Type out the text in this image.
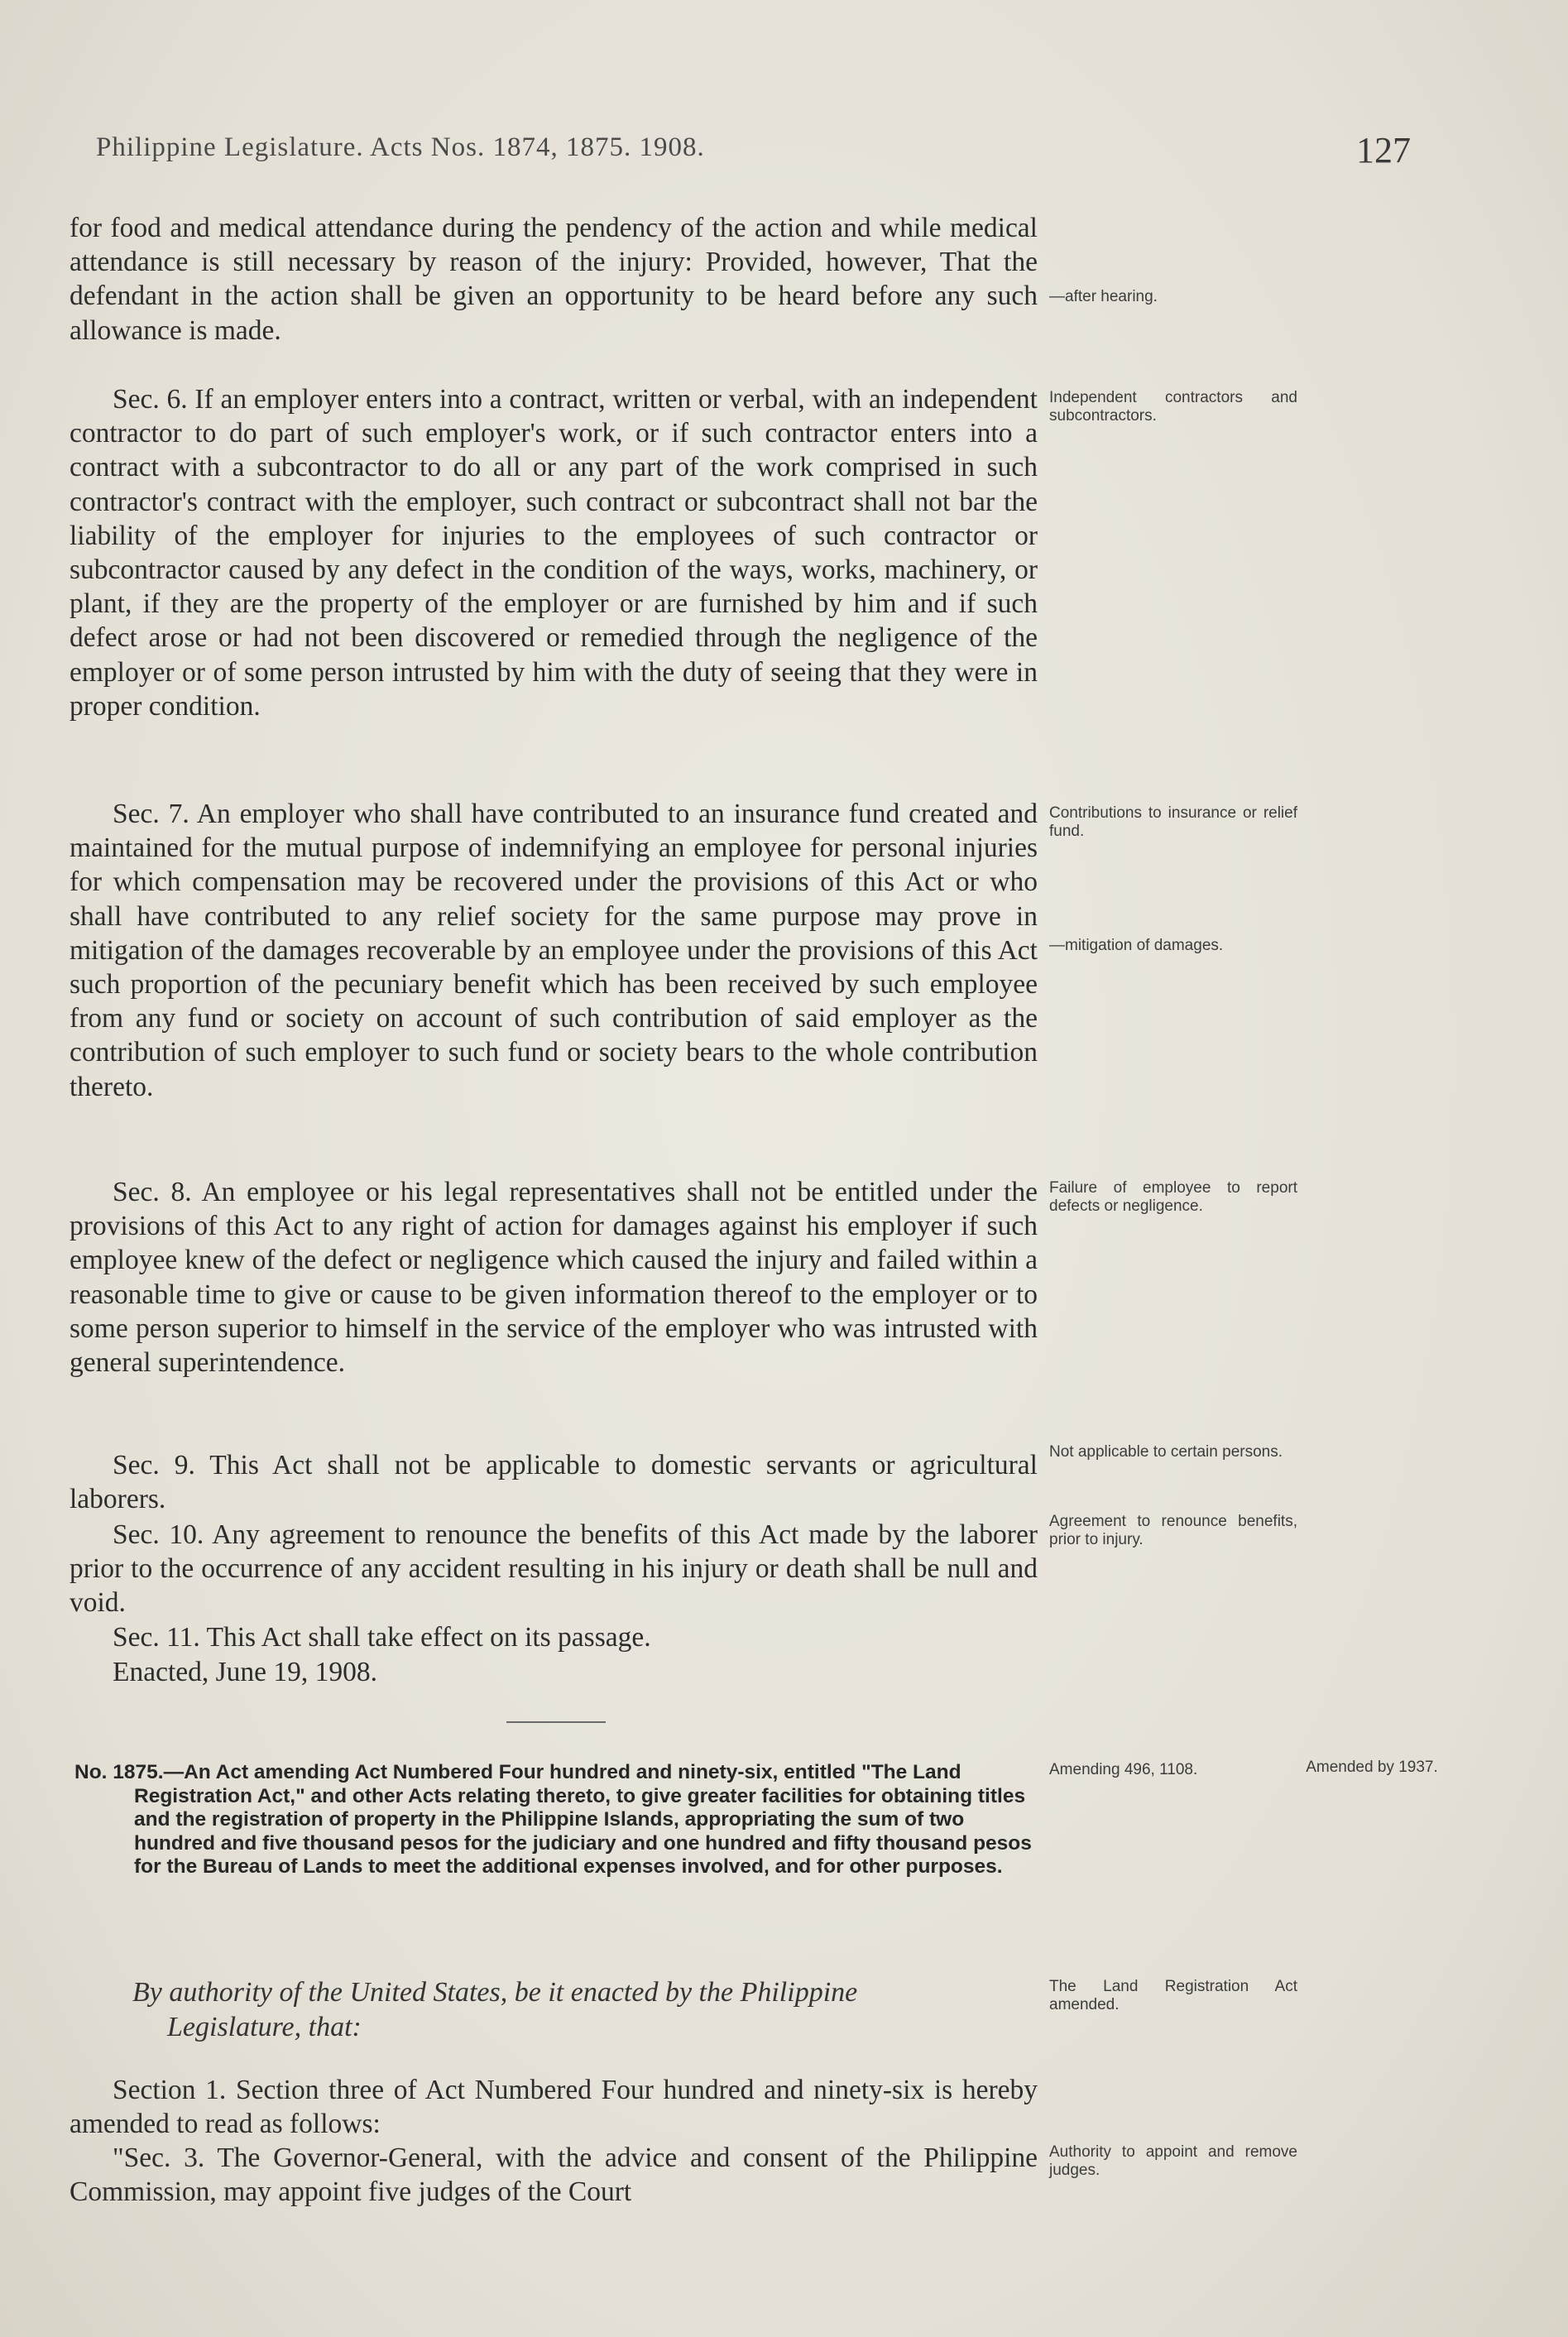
Philippine Legislature. Acts Nos. 1874, 1875. 1908.	127

for food and medical attendance during the pendency of the action and while medical attendance is still necessary by reason of the injury: Provided, however, That the defendant in the action shall be given an opportunity to be heard before any such allowance is made.

Sec. 6. If an employer enters into a contract, written or verbal, with an independent contractor to do part of such employer's work, or if such contractor enters into a contract with a subcontractor to do all or any part of the work comprised in such contractor's contract with the employer, such contract or subcontract shall not bar the liability of the employer for injuries to the employees of such contractor or subcontractor caused by any defect in the condition of the ways, works, machinery, or plant, if they are the property of the employer or are furnished by him and if such defect arose or had not been discovered or remedied through the negligence of the employer or of some person intrusted by him with the duty of seeing that they were in proper condition.

Sec. 7. An employer who shall have contributed to an insurance fund created and maintained for the mutual purpose of indemnifying an employee for personal injuries for which compensation may be recovered under the provisions of this Act or who shall have contributed to any relief society for the same purpose may prove in mitigation of the damages recoverable by an employee under the provisions of this Act such proportion of the pecuniary benefit which has been received by such employee from any fund or society on account of such contribution of said employer as the contribution of such employer to such fund or society bears to the whole contribution thereto.

Sec. 8. An employee or his legal representatives shall not be entitled under the provisions of this Act to any right of action for damages against his employer if such employee knew of the defect or negligence which caused the injury and failed within a reasonable time to give or cause to be given information thereof to the employer or to some person superior to himself in the service of the employer who was intrusted with general superintendence.

Sec. 9. This Act shall not be applicable to domestic servants or agricultural laborers.

Sec. 10. Any agreement to renounce the benefits of this Act made by the laborer prior to the occurrence of any accident resulting in his injury or death shall be null and void.

Sec. 11. This Act shall take effect on its passage.

Enacted, June 19, 1908.

—after hearing.
Independent contractors and subcontractors.
Contributions to insurance or relief fund.
—mitigation of damages.
Failure of employee to report defects or negligence.
Not applicable to certain persons.
Agreement to renounce benefits, prior to injury.
Amending 496, 1108.
The Land Registration Act amended.
Authority to appoint and remove judges.
Amended by 1937.
No. 1875.—An Act amending Act Numbered Four hundred and ninety-six, entitled "The Land Registration Act," and other Acts relating thereto, to give greater facilities for obtaining titles and the registration of property in the Philippine Islands, appropriating the sum of two hundred and five thousand pesos for the judiciary and one hundred and fifty thousand pesos for the Bureau of Lands to meet the additional expenses involved, and for other purposes.
By authority of the United States, be it enacted by the Philippine
Legislature, that:

Section 1. Section three of Act Numbered Four hundred and ninety-six is hereby amended to read as follows:

"Sec. 3. The Governor-General, with the advice and consent of the Philippine Commission, may appoint five judges of the Court
